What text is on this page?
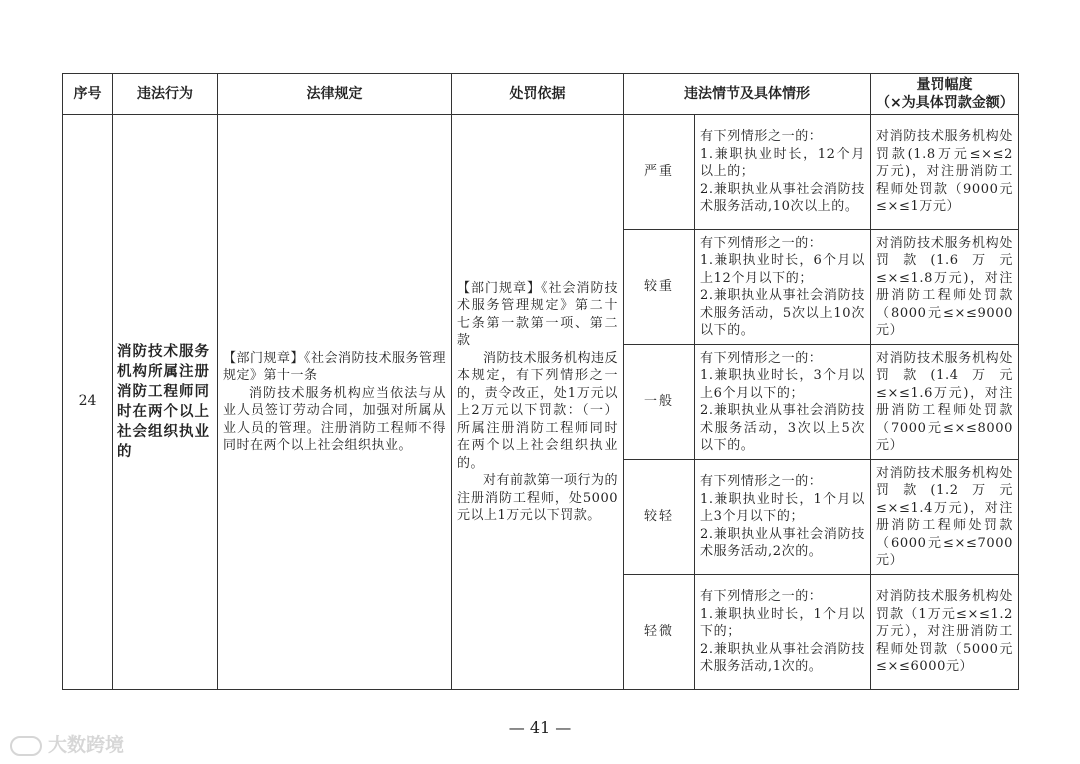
序号	违法行为	法律规定	处罚依据	违法情节及具体情形		量罚幅度
（×为具体罚款金额）
24	消防技术服务机构所属注册消防工程师同时在两个以上社会组织执业的	【部门规章】《社会消防技术服务管理规定》第十一条
消防技术服务机构应当依法与从业人员签订劳动合同，加强对所属从业人员的管理。注册消防工程师不得同时在两个以上社会组织执业。	【部门规章】《社会消防技术服务管理规定》第二十七条第一款第一项、第二款
消防技术服务机构违反本规定，有下列情形之一的，责令改正，处1万元以上2万元以下罚款：（一）所属注册消防工程师同时在两个以上社会组织执业的。
对有前款第一项行为的注册消防工程师，处5000元以上1万元以下罚款。	严重	有下列情形之一的：
1.兼职执业时长，12个月以上的；
2.兼职执业从事社会消防技术服务活动,10次以上的。	对消防技术服务机构处罚款(1.8万元≤×≤2万元)，对注册消防工程师处罚款（9000元≤×≤1万元）
				较重	有下列情形之一的：
1.兼职执业时长，6个月以上12个月以下的；
2.兼职执业从事社会消防技术服务活动，5次以上10次以下的。	对消防技术服务机构处罚款(1.6万元≤×≤1.8万元)，对注册消防工程师处罚款（8000元≤×≤9000元）
				一般	有下列情形之一的：
1.兼职执业时长，3个月以上6个月以下的；
2.兼职执业从事社会消防技术服务活动，3次以上5次以下的。	对消防技术服务机构处罚款(1.4万元≤×≤1.6万元)，对注册消防工程师处罚款（7000元≤×≤8000元）
				较轻	有下列情形之一的：
1.兼职执业时长，1个月以上3个月以下的；
2.兼职执业从事社会消防技术服务活动,2次的。	对消防技术服务机构处罚款(1.2万元≤×≤1.4万元)，对注册消防工程师处罚款（6000元≤×≤7000元）
				轻微	有下列情形之一的：
1.兼职执业时长，1个月以下的；
2.兼职执业从事社会消防技术服务活动,1次的。	对消防技术服务机构处罚款（1万元≤×≤1.2万元），对注册消防工程师处罚款（5000元≤×≤6000元）
— 41 —
大数跨境
